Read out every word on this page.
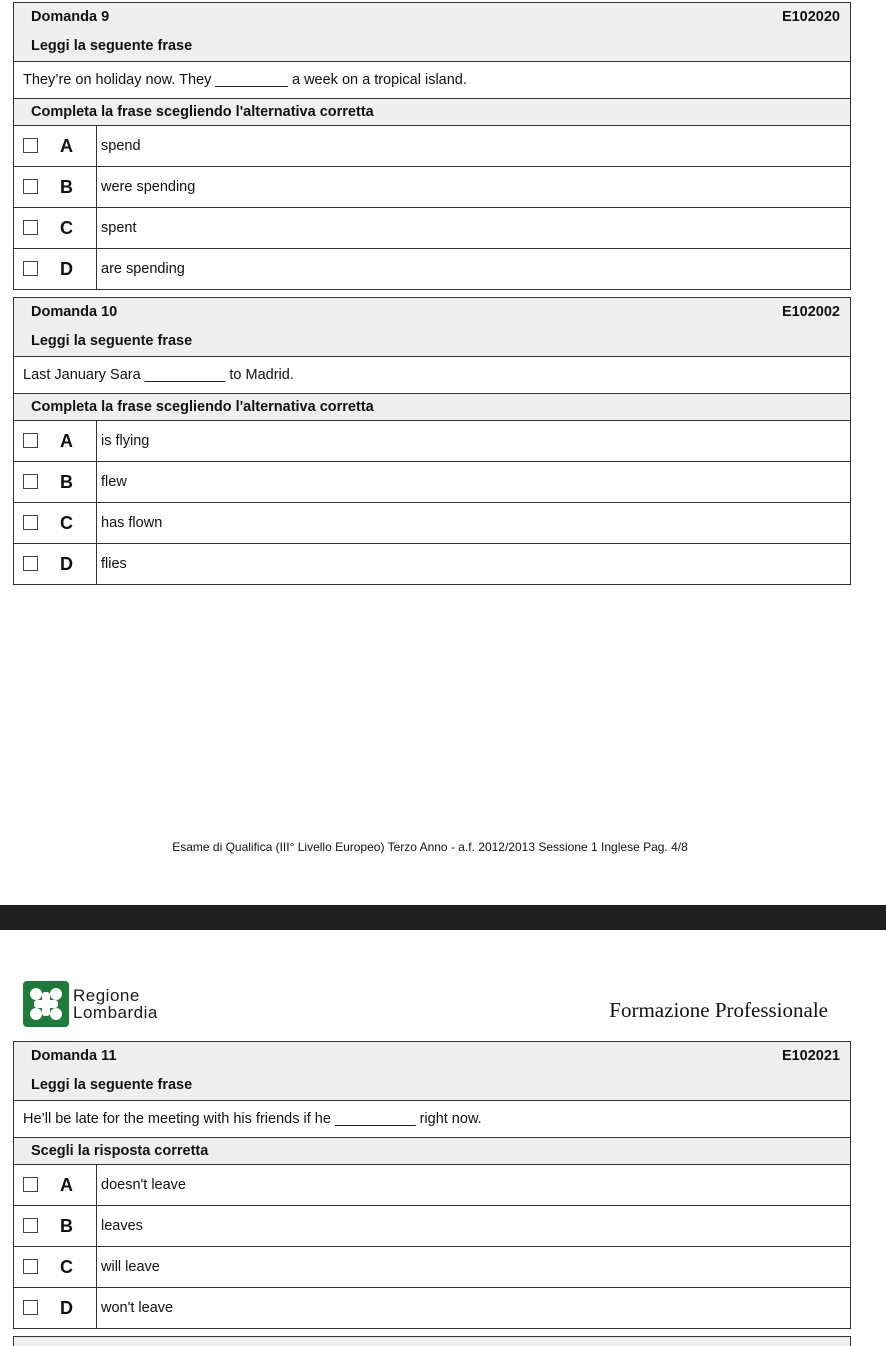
Domanda 9	E102020
Leggi la seguente frase
They’re on holiday now. They _________ a week on a tropical island.
Completa la frase scegliendo l'alternativa corretta
A spend
B were spending
C spent
D are spending
Domanda 10	E102002
Leggi la seguente frase
Last January Sara __________ to Madrid.
Completa la frase scegliendo l'alternativa corretta
A is flying
B flew
C has flown
D flies
Esame di Qualifica (III° Livello Europeo) Terzo Anno - a.f. 2012/2013 Sessione 1 Inglese Pag. 4/8
Regione
Lombardia	Formazione Professionale
Domanda 11	E102021
Leggi la seguente frase
He’ll be late for the meeting with his friends if he __________ right now.
Scegli la risposta corretta
A doesn't leave
B leaves
C will leave
D won't leave
